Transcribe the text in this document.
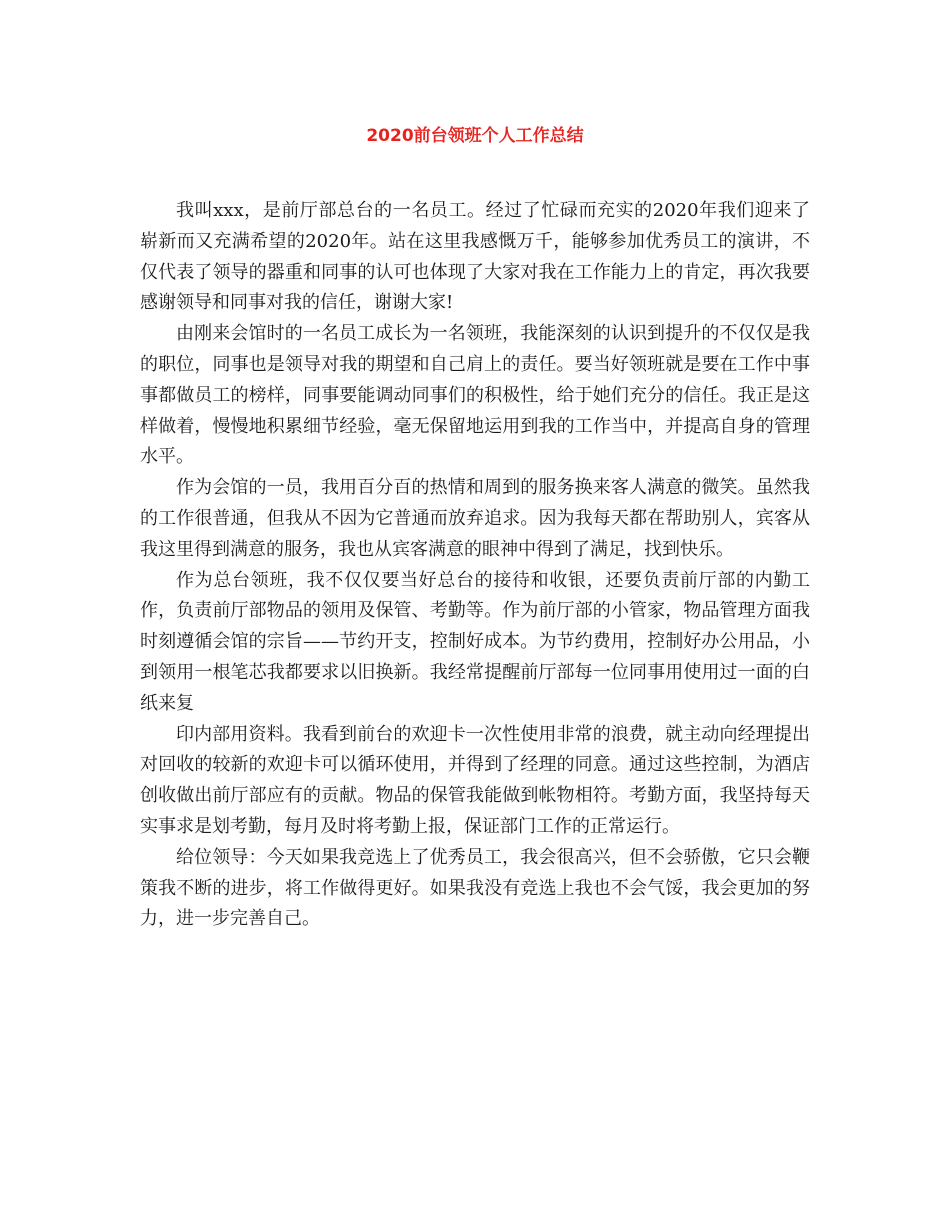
2020前台领班个人工作总结

我叫xxx，是前厅部总台的一名员工。经过了忙碌而充实的2020年我们迎来了崭新而又充满希望的2020年。站在这里我感慨万千，能够参加优秀员工的演讲，不仅代表了领导的器重和同事的认可也体现了大家对我在工作能力上的肯定，再次我要感谢领导和同事对我的信任，谢谢大家!

由刚来会馆时的一名员工成长为一名领班，我能深刻的认识到提升的不仅仅是我的职位，同事也是领导对我的期望和自己肩上的责任。要当好领班就是要在工作中事事都做员工的榜样，同事要能调动同事们的积极性，给于她们充分的信任。我正是这样做着，慢慢地积累细节经验，毫无保留地运用到我的工作当中，并提高自身的管理水平。

作为会馆的一员，我用百分百的热情和周到的服务换来客人满意的微笑。虽然我的工作很普通，但我从不因为它普通而放弃追求。因为我每天都在帮助别人，宾客从我这里得到满意的服务，我也从宾客满意的眼神中得到了满足，找到快乐。

作为总台领班，我不仅仅要当好总台的接待和收银，还要负责前厅部的内勤工作，负责前厅部物品的领用及保管、考勤等。作为前厅部的小管家，物品管理方面我时刻遵循会馆的宗旨——节约开支，控制好成本。为节约费用，控制好办公用品，小到领用一根笔芯我都要求以旧换新。我经常提醒前厅部每一位同事用使用过一面的白纸来复

印内部用资料。我看到前台的欢迎卡一次性使用非常的浪费，就主动向经理提出对回收的较新的欢迎卡可以循环使用，并得到了经理的同意。通过这些控制，为酒店创收做出前厅部应有的贡献。物品的保管我能做到帐物相符。考勤方面，我坚持每天实事求是划考勤，每月及时将考勤上报，保证部门工作的正常运行。

给位领导：今天如果我竞选上了优秀员工，我会很高兴，但不会骄傲，它只会鞭策我不断的进步，将工作做得更好。如果我没有竞选上我也不会气馁，我会更加的努力，进一步完善自己。
